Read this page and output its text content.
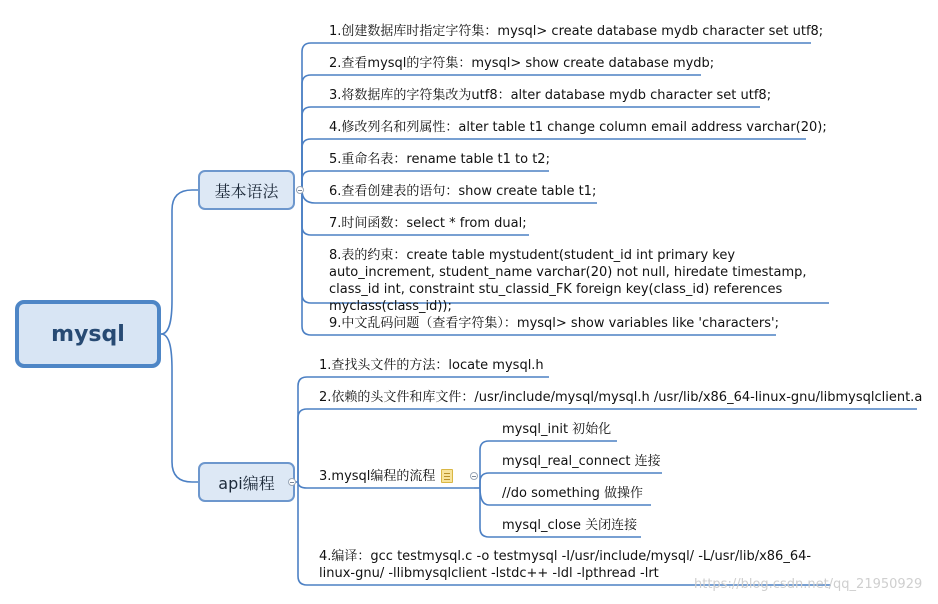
mysql
基本语法
api编程
1.创建数据库时指定字符集：mysql> create database mydb character set utf8;
2.查看mysql的字符集：mysql> show create database mydb;
3.将数据库的字符集改为utf8：alter database mydb character set utf8;
4.修改列名和列属性：alter table t1 change column email address varchar(20);
5.重命名表：rename table t1 to t2;
6.查看创建表的语句：show create table t1;
7.时间函数：select * from dual;
8.表的约束：create table mystudent(student_id int primary key auto_increment, student_name varchar(20) not null, hiredate timestamp, class_id int, constraint stu_classid_FK foreign key(class_id) references myclass(class_id));
9.中文乱码问题（查看字符集）：mysql> show variables like 'characters';
1.查找头文件的方法：locate mysql.h
2.依赖的头文件和库文件：/usr/include/mysql/mysql.h /usr/lib/x86_64-linux-gnu/libmysqlclient.a
3.mysql编程的流程
4.编译：gcc testmysql.c -o testmysql -I/usr/include/mysql/ -L/usr/lib/x86_64-linux-gnu/ -llibmysqlclient -lstdc++ -ldl -lpthread -lrt
mysql_init 初始化
mysql_real_connect 连接
//do something 做操作
mysql_close 关闭连接
https://blog.csdn.net/qq_21950929
